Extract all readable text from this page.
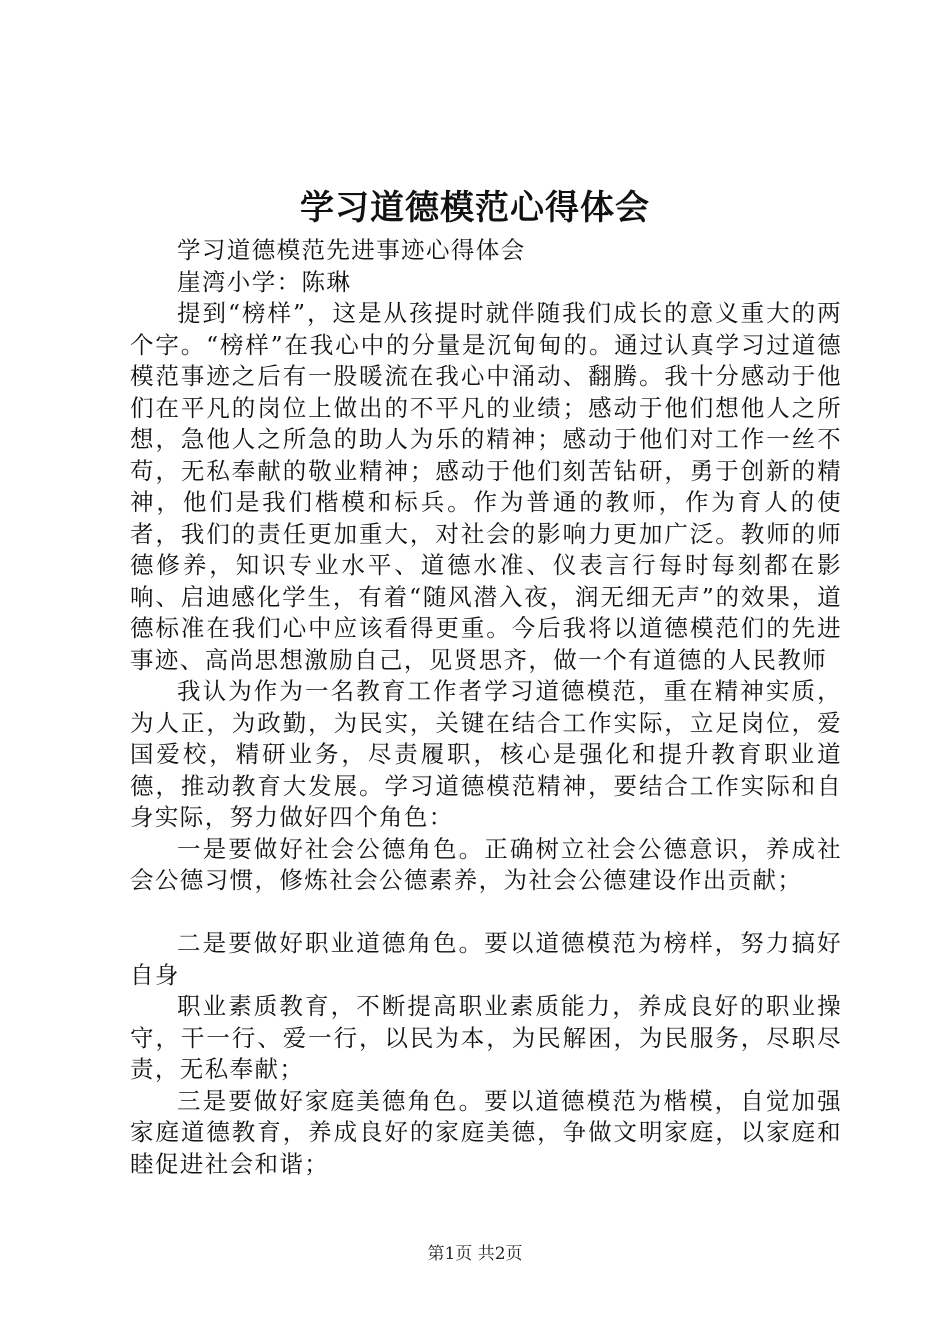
学习道德模范心得体会

学习道德模范先进事迹心得体会

崖湾小学：陈琳

提到“榜样”，这是从孩提时就伴随我们成长的意义重大的两个字。“榜样”在我心中的分量是沉甸甸的。通过认真学习过道德模范事迹之后有一股暖流在我心中涌动、翻腾。我十分感动于他们在平凡的岗位上做出的不平凡的业绩；感动于他们想他人之所想，急他人之所急的助人为乐的精神；感动于他们对工作一丝不苟，无私奉献的敬业精神；感动于他们刻苦钻研，勇于创新的精神，他们是我们楷模和标兵。作为普通的教师，作为育人的使者，我们的责任更加重大，对社会的影响力更加广泛。教师的师德修养，知识专业水平、道德水准、仪表言行每时每刻都在影响、启迪感化学生，有着“随风潜入夜，润无细无声”的效果，道德标准在我们心中应该看得更重。今后我将以道德模范们的先进事迹、高尚思想激励自己，见贤思齐，做一个有道德的人民教师

我认为作为一名教育工作者学习道德模范，重在精神实质，为人正，为政勤，为民实，关键在结合工作实际，立足岗位，爱国爱校，精研业务，尽责履职，核心是强化和提升教育职业道德，推动教育大发展。学习道德模范精神，要结合工作实际和自身实际，努力做好四个角色：

一是要做好社会公德角色。正确树立社会公德意识，养成社会公德习惯，修炼社会公德素养，为社会公德建设作出贡献；

二是要做好职业道德角色。要以道德模范为榜样，努力搞好自身

职业素质教育，不断提高职业素质能力，养成良好的职业操守，干一行、爱一行，以民为本，为民解困，为民服务，尽职尽责，无私奉献；

三是要做好家庭美德角色。要以道德模范为楷模，自觉加强家庭道德教育，养成良好的家庭美德，争做文明家庭，以家庭和睦促进社会和谐；

第1页 共2页
